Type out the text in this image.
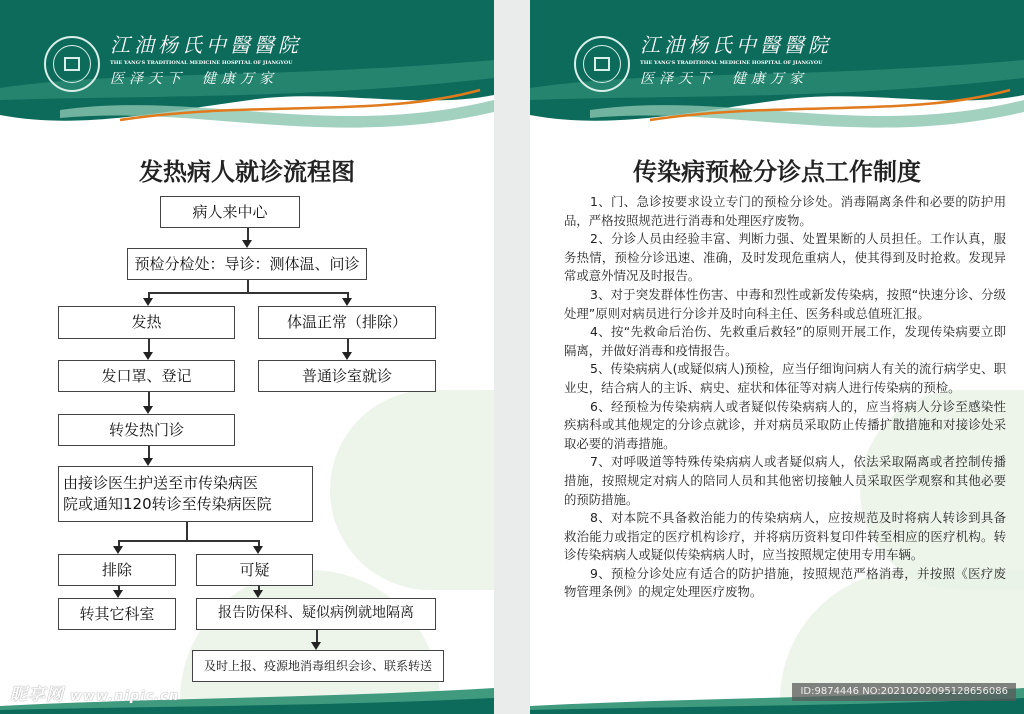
江油杨氏中醫醫院
THE YANG'S TRADITIONAL MEDICINE HOSPITAL OF JIANGYOU
医泽天下 健康万家
发热病人就诊流程图
病人来中心
预检分检处：导诊：测体温、问诊
发热	体温正常（排除）
发口罩、登记	普通诊室就诊
转发热门诊
由接诊医生护送至市传染病医
院或通知120转诊至传染病医院
排除	可疑
转其它科室	报告防保科、疑似病例就地隔离
及时上报、疫源地消毒组织会诊、联系转送
昵享网 www.nipic.cn
江油杨氏中醫醫院
THE YANG'S TRADITIONAL MEDICINE HOSPITAL OF JIANGYOU
医泽天下 健康万家
传染病预检分诊点工作制度

1、门、急诊按要求设立专门的预检分诊处。消毒隔离条件和必要的防护用品，严格按照规范进行消毒和处理医疗废物。

2、分诊人员由经验丰富、判断力强、处置果断的人员担任。工作认真，服务热情，预检分诊迅速、准确，及时发现危重病人，使其得到及时抢救。发现异常或意外情况及时报告。

3、对于突发群体性伤害、中毒和烈性或新发传染病，按照“快速分诊、分级处理”原则对病员进行分诊并及时向科主任、医务科或总值班汇报。

4、按“先救命后治伤、先救重后救轻”的原则开展工作，发现传染病要立即隔离，并做好消毒和疫情报告。

5、传染病病人(或疑似病人)预检，应当仔细询问病人有关的流行病学史、职业史，结合病人的主诉、病史、症状和体征等对病人进行传染病的预检。

6、经预检为传染病病人或者疑似传染病病人的，应当将病人分诊至感染性疾病科或其他规定的分诊点就诊，并对病员采取防止传播扩散措施和对接诊处采取必要的消毒措施。

7、对呼吸道等特殊传染病病人或者疑似病人，依法采取隔离或者控制传播措施，按照规定对病人的陪同人员和其他密切接触人员采取医学观察和其他必要的预防措施。

8、对本院不具备救治能力的传染病病人，应按规范及时将病人转诊到具备救治能力或指定的医疗机构诊疗，并将病历资料复印件转至相应的医疗机构。转诊传染病病人或疑似传染病病人时，应当按照规定使用专用车辆。

9、预检分诊处应有适合的防护措施，按照规范严格消毒，并按照《医疗废物管理条例》的规定处理医疗废物。

ID:9874446 NO:20210202095128656086
